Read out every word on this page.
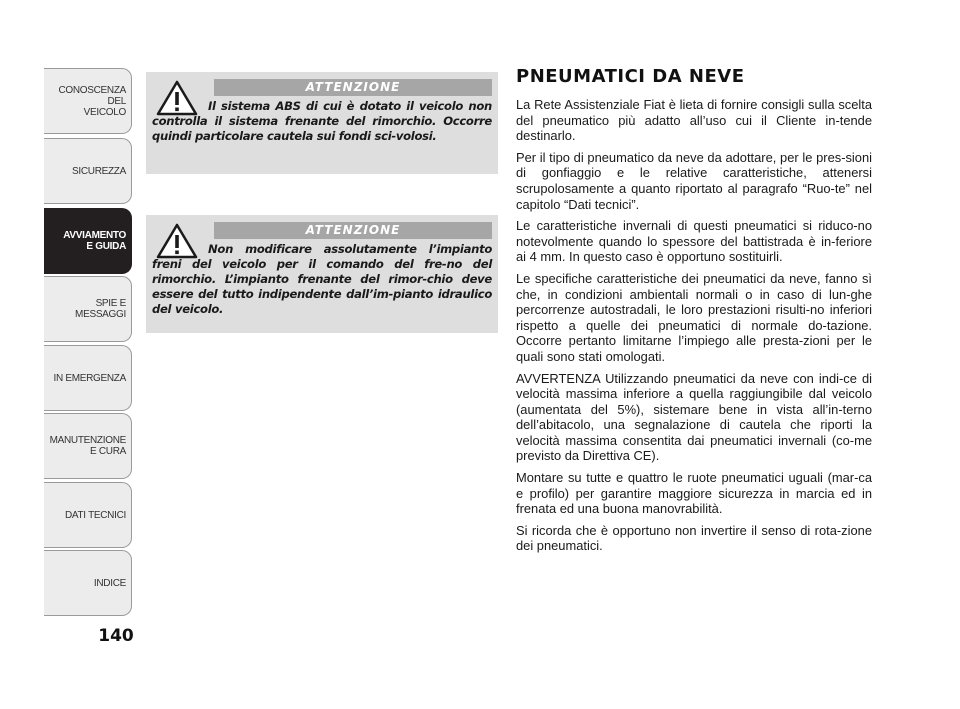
CONOSCENZA
DEL
VEICOLO
SICUREZZA
AVVIAMENTO
E GUIDA
SPIE E
MESSAGGI
IN EMERGENZA
MANUTENZIONE
E CURA
DATI TECNICI
INDICE
140
ATTENZIONE
Il sistema ABS di cui è dotato il veicolo non controlla il sistema frenante del rimorchio. Occorre quindi particolare cautela sui fondi sci-volosi.
ATTENZIONE
Non modificare assolutamente l’impianto freni del veicolo per il comando del fre-no del rimorchio. L’impianto frenante del rimor-chio deve essere del tutto indipendente dall’im-pianto idraulico del veicolo.
PNEUMATICI DA NEVE

La Rete Assistenziale Fiat è lieta di fornire consigli sulla scelta del pneumatico più adatto all’uso cui il Cliente in-tende destinarlo.

Per il tipo di pneumatico da neve da adottare, per le pres-sioni di gonfiaggio e le relative caratteristiche, attenersi scrupolosamente a quanto riportato al paragrafo “Ruo-te” nel capitolo “Dati tecnici”.

Le caratteristiche invernali di questi pneumatici si riduco-no notevolmente quando lo spessore del battistrada è in-feriore ai 4 mm. In questo caso è opportuno sostituirli.

Le specifiche caratteristiche dei pneumatici da neve, fanno sì che, in condizioni ambientali normali o in caso di lun-ghe percorrenze autostradali, le loro prestazioni risulti-no inferiori rispetto a quelle dei pneumatici di normale do-tazione. Occorre pertanto limitarne l’impiego alle presta-zioni per le quali sono stati omologati.

AVVERTENZA Utilizzando pneumatici da neve con indi-ce di velocità massima inferiore a quella raggiungibile dal veicolo (aumentata del 5%), sistemare bene in vista all’in-terno dell’abitacolo, una segnalazione di cautela che riporti la velocità massima consentita dai pneumatici invernali (co-me previsto da Direttiva CE).

Montare su tutte e quattro le ruote pneumatici uguali (mar-ca e profilo) per garantire maggiore sicurezza in marcia ed in frenata ed una buona manovrabilità.

Si ricorda che è opportuno non invertire il senso di rota-zione dei pneumatici.
